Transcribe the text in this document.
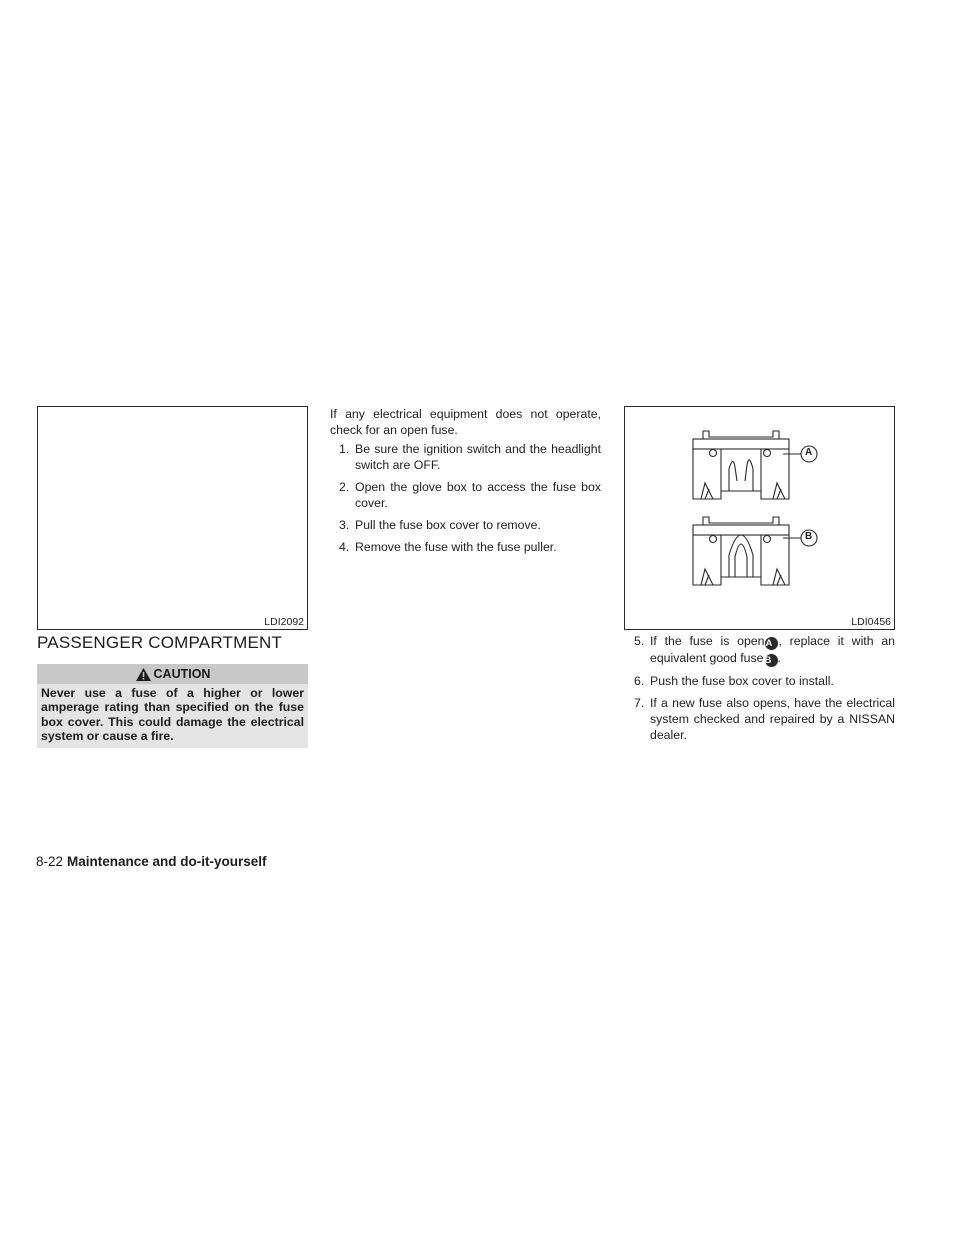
LDI2092
PASSENGER COMPARTMENT
CAUTION
Never use a fuse of a higher or lower amperage rating than specified on the fuse box cover. This could damage the electrical system or cause a fire.

If any electrical equipment does not operate, check for an open fuse.

1. Be sure the ignition switch and the headlight switch are OFF.
2. Open the glove box to access the fuse box cover.
3. Pull the fuse box cover to remove.
4. Remove the fuse with the fuse puller.
A
B
LDI0456
5. If the fuse is openA , replace it with an equivalent good fuseB .
6. Push the fuse box cover to install.
7. If a new fuse also opens, have the electrical system checked and repaired by a NISSAN dealer.
8-22 Maintenance and do-it-yourself
